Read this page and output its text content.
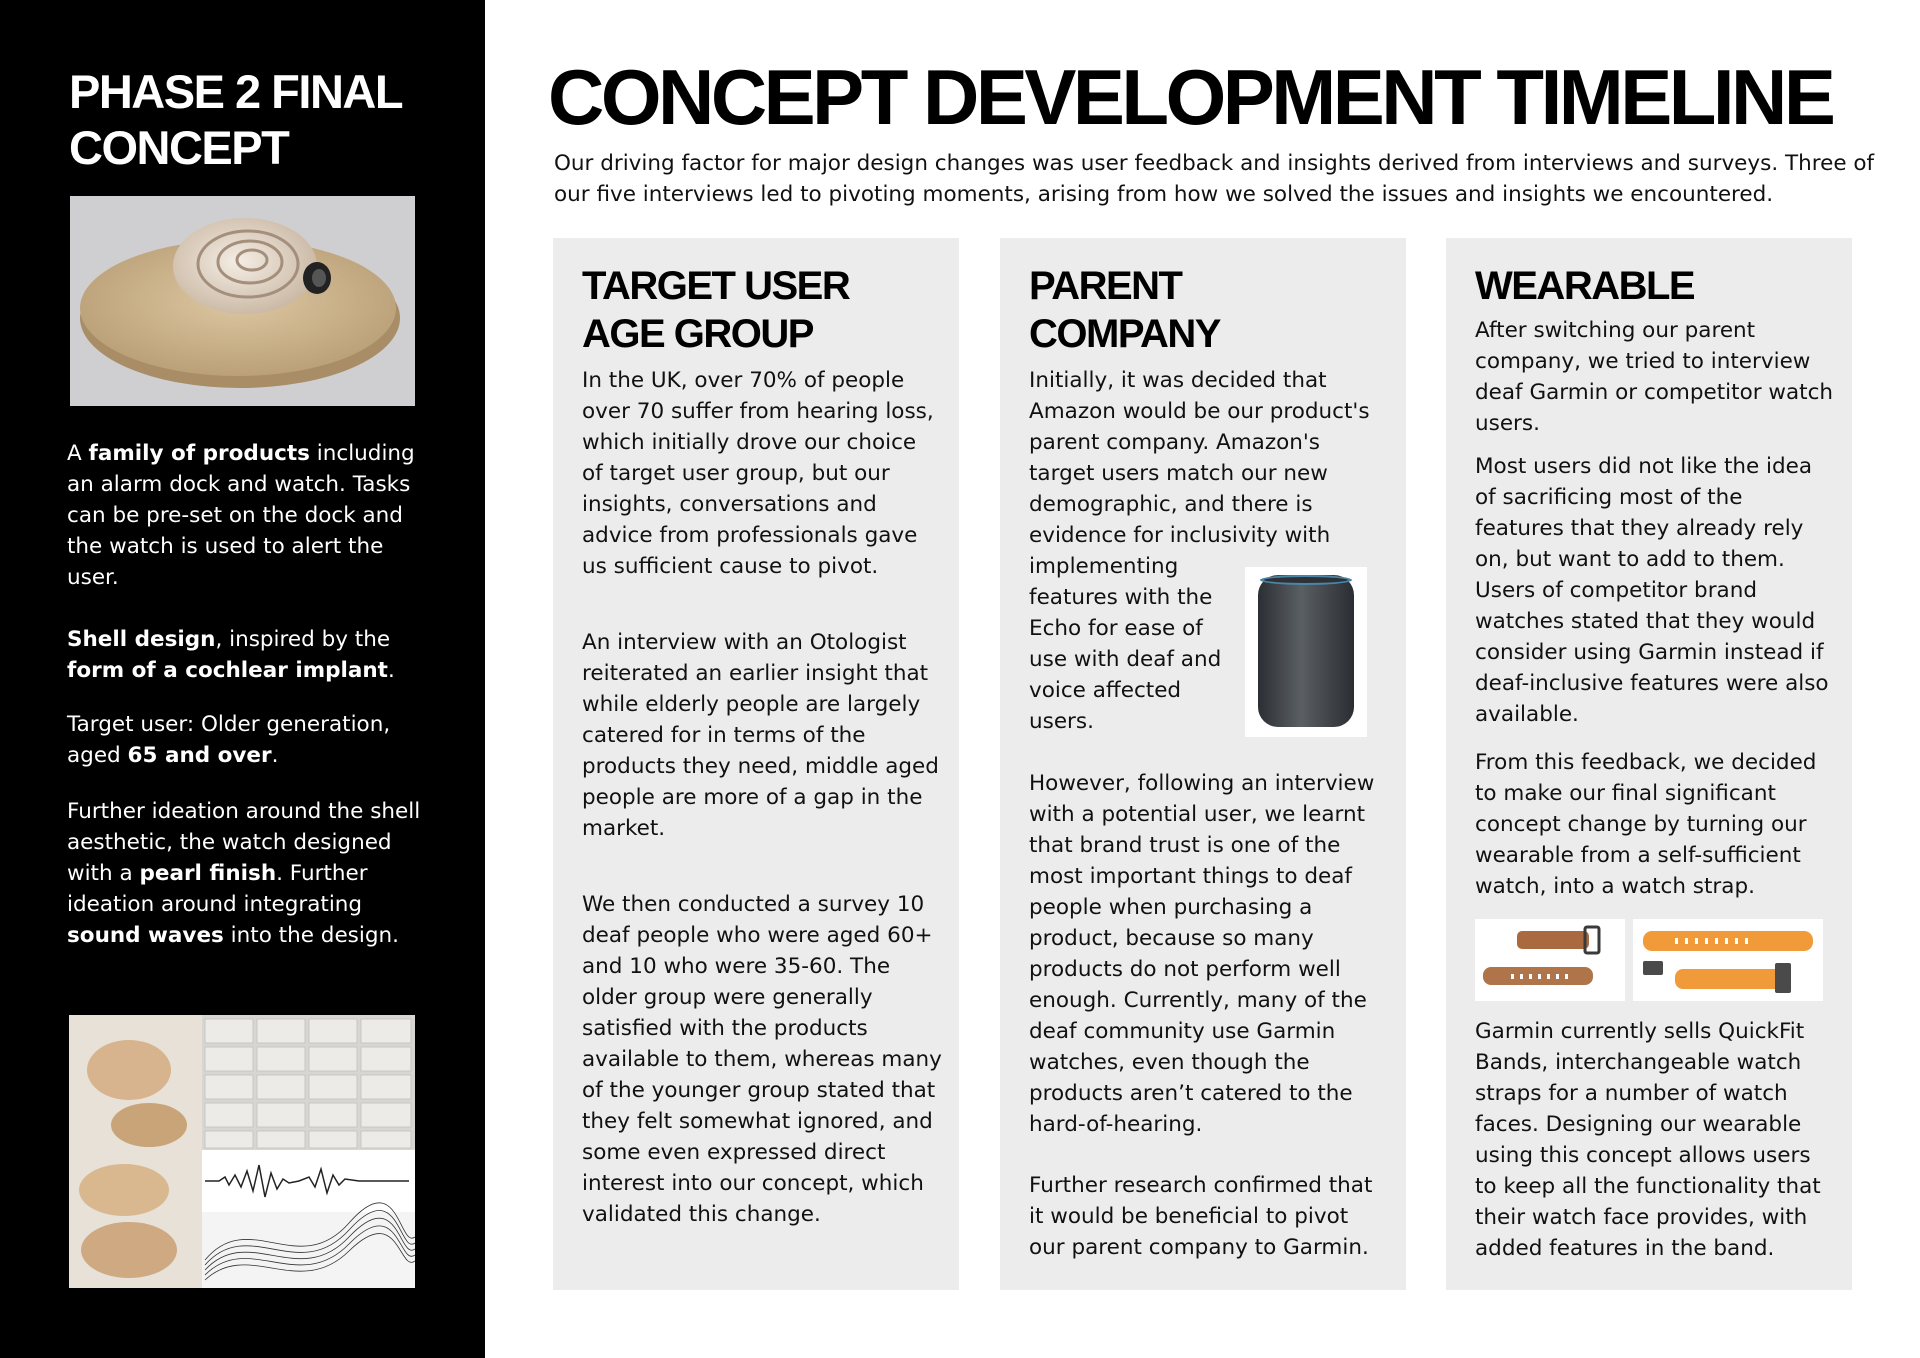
PHASE 2 FINAL CONCEPT
A family of products including an alarm dock and watch. Tasks can be pre-set on the dock and the watch is used to alert the user.
Shell design, inspired by the form of a cochlear implant.
Target user: Older generation, aged 65 and over.
Further ideation around the shell aesthetic, the watch designed with a pearl finish. Further ideation around integrating sound waves into the design.
CONCEPT DEVELOPMENT TIMELINE
Our driving factor for major design changes was user feedback and insights derived from interviews and surveys. Three of our five interviews led to pivoting moments, arising from how we solved the issues and insights we encountered.
TARGET USER AGE GROUP
In the UK, over 70% of people over 70 suffer from hearing loss, which initially drove our choice of target user group, but our insights, conversations and advice from professionals gave us sufficient cause to pivot.
An interview with an Otologist reiterated an earlier insight that while elderly people are largely catered for in terms of the products they need, middle aged people are more of a gap in the market.
We then conducted a survey 10 deaf people who were aged 60+ and 10 who were 35-60. The older group were generally satisfied with the products available to them, whereas many of the younger group stated that they felt somewhat ignored, and some even expressed direct interest into our concept, which validated this change.
PARENT COMPANY
Initially, it was decided that Amazon would be our product's parent company. Amazon's target users match our new demographic, and there is evidence for inclusivity with
implementing features with the Echo for ease of use with deaf and voice affected users.
However, following an interview with a potential user, we learnt that brand trust is one of the most important things to deaf people when purchasing a product, because so many products do not perform well enough. Currently, many of the deaf community use Garmin watches, even though the products aren’t catered to the hard-of-hearing.
Further research confirmed that it would be beneficial to pivot our parent company to Garmin.
WEARABLE
After switching our parent company, we tried to interview deaf Garmin or competitor watch users.
Most users did not like the idea of sacrificing most of the features that they already rely on, but want to add to them. Users of competitor brand watches stated that they would consider using Garmin instead if deaf-inclusive features were also available.
From this feedback, we decided to make our final significant concept change by turning our wearable from a self-sufficient watch, into a watch strap.
Garmin currently sells QuickFit Bands, interchangeable watch straps for a number of watch faces. Designing our wearable using this concept allows users to keep all the functionality that their watch face provides, with added features in the band.
